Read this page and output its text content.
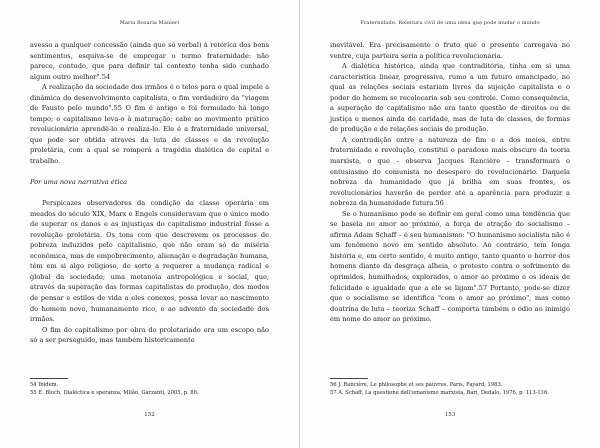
Maria Rosaria Manieri

avesso a qualquer concessão (ainda que só verbal) à retórica dos bons sentimentos, esquiva-se de empregar o termo fraternidade: não parece, contudo, que para definir tal contexto tenha sido cunhado algum outro melhor".54

A realização da sociedade dos irmãos é o telos para o qual impele a dinâmica do desenvolvimento capitalista, o fim verdadeiro da "viagem de Fausto pelo mundo".55 O fim é antigo e foi formulado há longo tempo; o capitalismo leva-o à maturação; cabe ao movimento prático revolucionário aprendê-lo e realizá-lo. Ele é a fraternidade universal, que pode ser obtida através da luta de classes e da revolução proletária, com a qual se romperá a tragédia dialética de capital e trabalho.

Por uma nova narrativa ética

Perspicazes observadores da condição da classe operária em meados do século XIX, Marx e Engels consideravam que o único modo de superar os danos e as injustiças do capitalismo industrial fosse a revolução proletária. Os tons com que descrevem os processos de pobreza induzidos pelo capitalismo, que não eram só de miséria econômica, mas de empobrecimento, alienação e degradação humana, têm em si algo religioso, de sorte a requerer a mudança radical e global da sociedade; uma metanoia antropológica e social, que, através da superação das formas capitalistas de produção, dos modos de pensar e estilos de vida a eles conexos, possa levar ao nascimento do homem novo, humanamente rico, e ao advento da sociedade dos irmãos.

O fim do capitalismo por obra do proletariado era um escopo não só a ser perseguido, mas também historicamente

54 Ibidem.
55 E. Bloch, Dialéctica e speranza, Milão, Garzanti, 2005, p. 86.
152
Fraternidade. Releitura civil de uma ideia que pode mudar o mundo

inevitável. Era precisamente o fruto que o presente carregava no ventre, cuja parteira seria a política revolucionária.

A dialética histórica, ainda que contraditória, tinha em si uma característica linear, progressiva, rumo a um futuro emancipado, no qual as relações sociais estariam livres da sujeição capitalista e o poder do homem se recolocaria sob seu controle. Como consequência, a superação do capitalismo não era tanto questão de direitos ou de justiça e menos ainda de caridade, mas de luta de classes, de formas de produção e de relações sociais de produção.

A contradição entre a natureza do fim e a dos meios, entre fraternidade e revolução, constitui o paradoxo mais obscuro da teoria marxista, o que – observa Jacques Rancière – transformará o entusiasmo do comunista no desespero do revolucionário. Daquela nobreza da humanidade que já brilha em suas frontes, os revolucionários haverão de perder até a aparência para produzir a nobreza da humanidade futura.56

Se o humanismo pode se definir em geral como uma tendência que se baseia no amor ao próximo, a força de atração do socialismo – afirma Adam Schaff – é seu humanismo: "O humanismo socialista não é um fenômeno novo em sentido absoluto. Ao contrário, tem longa história e, em certo sentido, é muito antigo, tanto quanto o horror dos homens diante da desgraça alheia, o protesto contra o sofrimento de oprimidos, humilhados, explorados, o amor ao próximo e os ideais de felicidade e igualdade que a ele se ligam".57 Portanto, pode-se dizer que o socialismo se identifica "com o amor ao próximo", mas como doutrina de luta – teoriza Schaff – comporta também o ódio ao inimigo em nome do amor ao próximo.

56 J. Rancière, Le philosophe et ses pauvres, Paris, Fayard, 1983.
57 A. Schaff, La questione dell'umanismo marxista, Bari, Dedalo, 1976, p. 113-116.
153
